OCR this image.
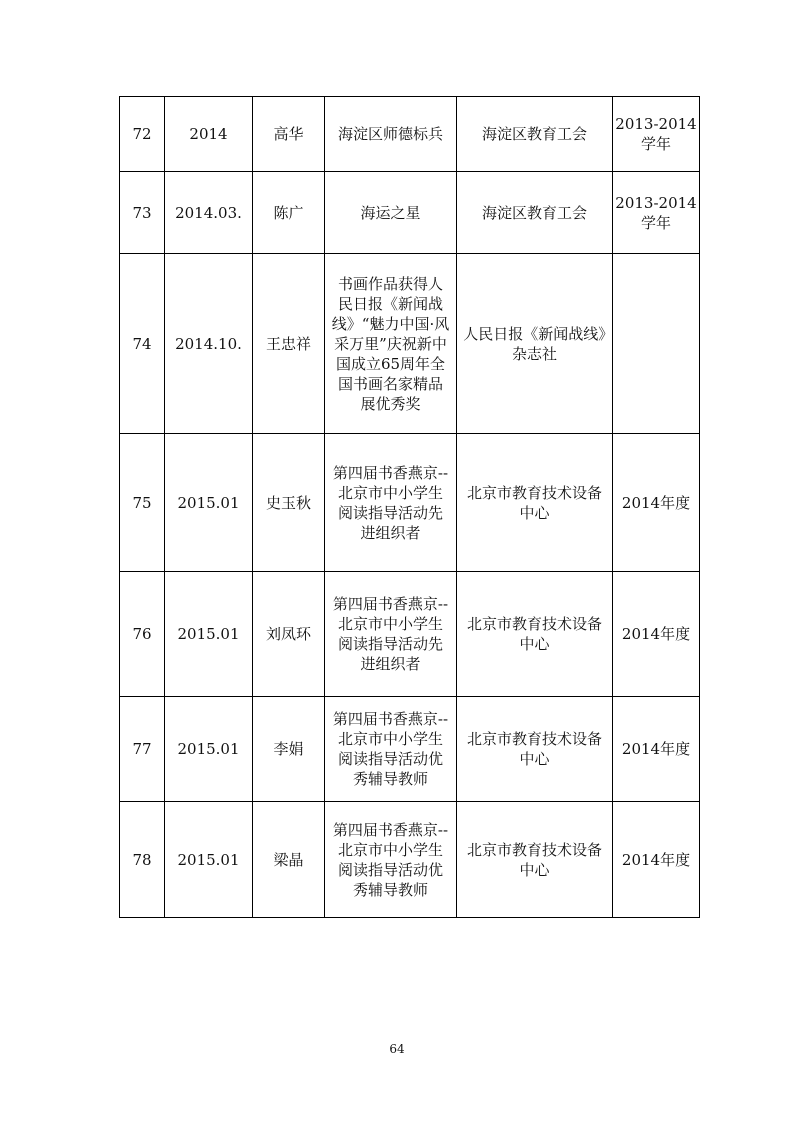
72	2014	高华	海淀区师德标兵	海淀区教育工会	2013-2014
学年
73	2014.03.	陈广	海运之星	海淀区教育工会	2013-2014
学年
74	2014.10.	王忠祥	书画作品获得人民日报《新闻战线》“魅力中国·风采万里”庆祝新中国成立65周年全国书画名家精品展优秀奖	人民日报《新闻战线》杂志社	
75	2015.01	史玉秋	第四届书香燕京--北京市中小学生阅读指导活动先进组织者	北京市教育技术设备中心	2014年度
76	2015.01	刘凤环	第四届书香燕京--北京市中小学生阅读指导活动先进组织者	北京市教育技术设备中心	2014年度
77	2015.01	李娟	第四届书香燕京--北京市中小学生阅读指导活动优秀辅导教师	北京市教育技术设备中心	2014年度
78	2015.01	梁晶	第四届书香燕京--北京市中小学生阅读指导活动优秀辅导教师	北京市教育技术设备中心	2014年度
64
